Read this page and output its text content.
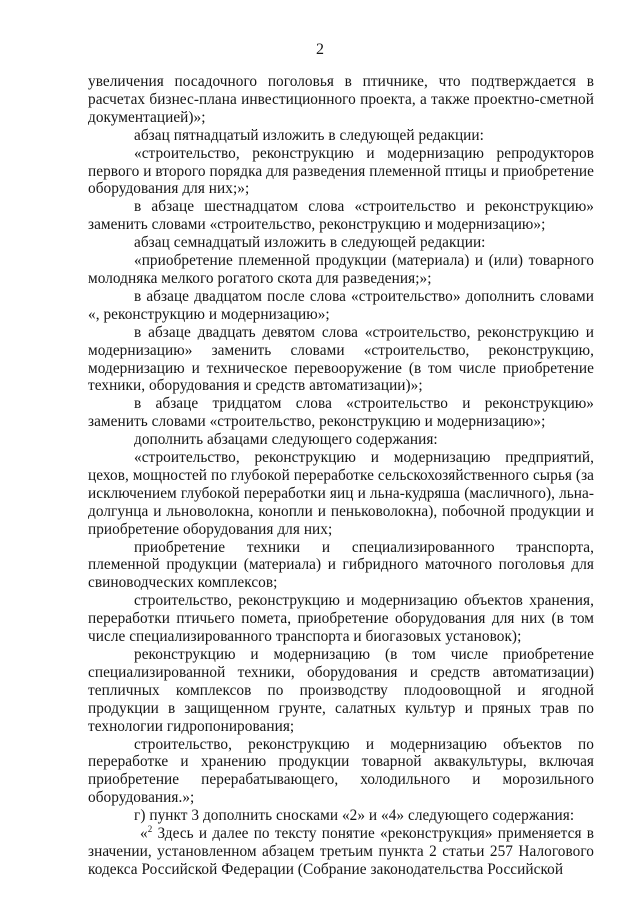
2

увеличения посадочного поголовья в птичнике, что подтверждается в расчетах бизнес-плана инвестиционного проекта, а также проектно-сметной документацией)»;

абзац пятнадцатый изложить в следующей редакции:

«строительство, реконструкцию и модернизацию репродукторов первого и второго порядка для разведения племенной птицы и приобретение оборудования для них;»;

в абзаце шестнадцатом слова «строительство и реконструкцию» заменить словами «строительство, реконструкцию и модернизацию»;

абзац семнадцатый изложить в следующей редакции:

«приобретение племенной продукции (материала) и (или) товарного молодняка мелкого рогатого скота для разведения;»;

в абзаце двадцатом после слова «строительство» дополнить словами «, реконструкцию и модернизацию»;

в абзаце двадцать девятом слова «строительство, реконструкцию и модернизацию» заменить словами «строительство, реконструкцию, модернизацию и техническое перевооружение (в том числе приобретение техники, оборудования и средств автоматизации)»;

в абзаце тридцатом слова «строительство и реконструкцию» заменить словами «строительство, реконструкцию и модернизацию»;

дополнить абзацами следующего содержания:

«строительство, реконструкцию и модернизацию предприятий, цехов, мощностей по глубокой переработке сельскохозяйственного сырья (за исключением глубокой переработки яиц и льна-кудряша (масличного), льна-долгунца и льноволокна, конопли и пеньковолокна), побочной продукции и приобретение оборудования для них;

приобретение техники и специализированного транспорта, племенной продукции (материала) и гибридного маточного поголовья для свиноводческих комплексов;

строительство, реконструкцию и модернизацию объектов хранения, переработки птичьего помета, приобретение оборудования для них (в том числе специализированного транспорта и биогазовых установок);

реконструкцию и модернизацию (в том числе приобретение специализированной техники, оборудования и средств автоматизации) тепличных комплексов по производству плодоовощной и ягодной продукции в защищенном грунте, салатных культур и пряных трав по технологии гидропонирования;

строительство, реконструкцию и модернизацию объектов по переработке и хранению продукции товарной аквакультуры, включая приобретение перерабатывающего, холодильного и морозильного оборудования.»;

г) пункт 3 дополнить сносками «2» и «4» следующего содержания:

«$^2$ Здесь и далее по тексту понятие «реконструкция» применяется в значении, установленном абзацем третьим пункта 2 статьи 257 Налогового кодекса Российской Федерации (Собрание законодательства Российской
